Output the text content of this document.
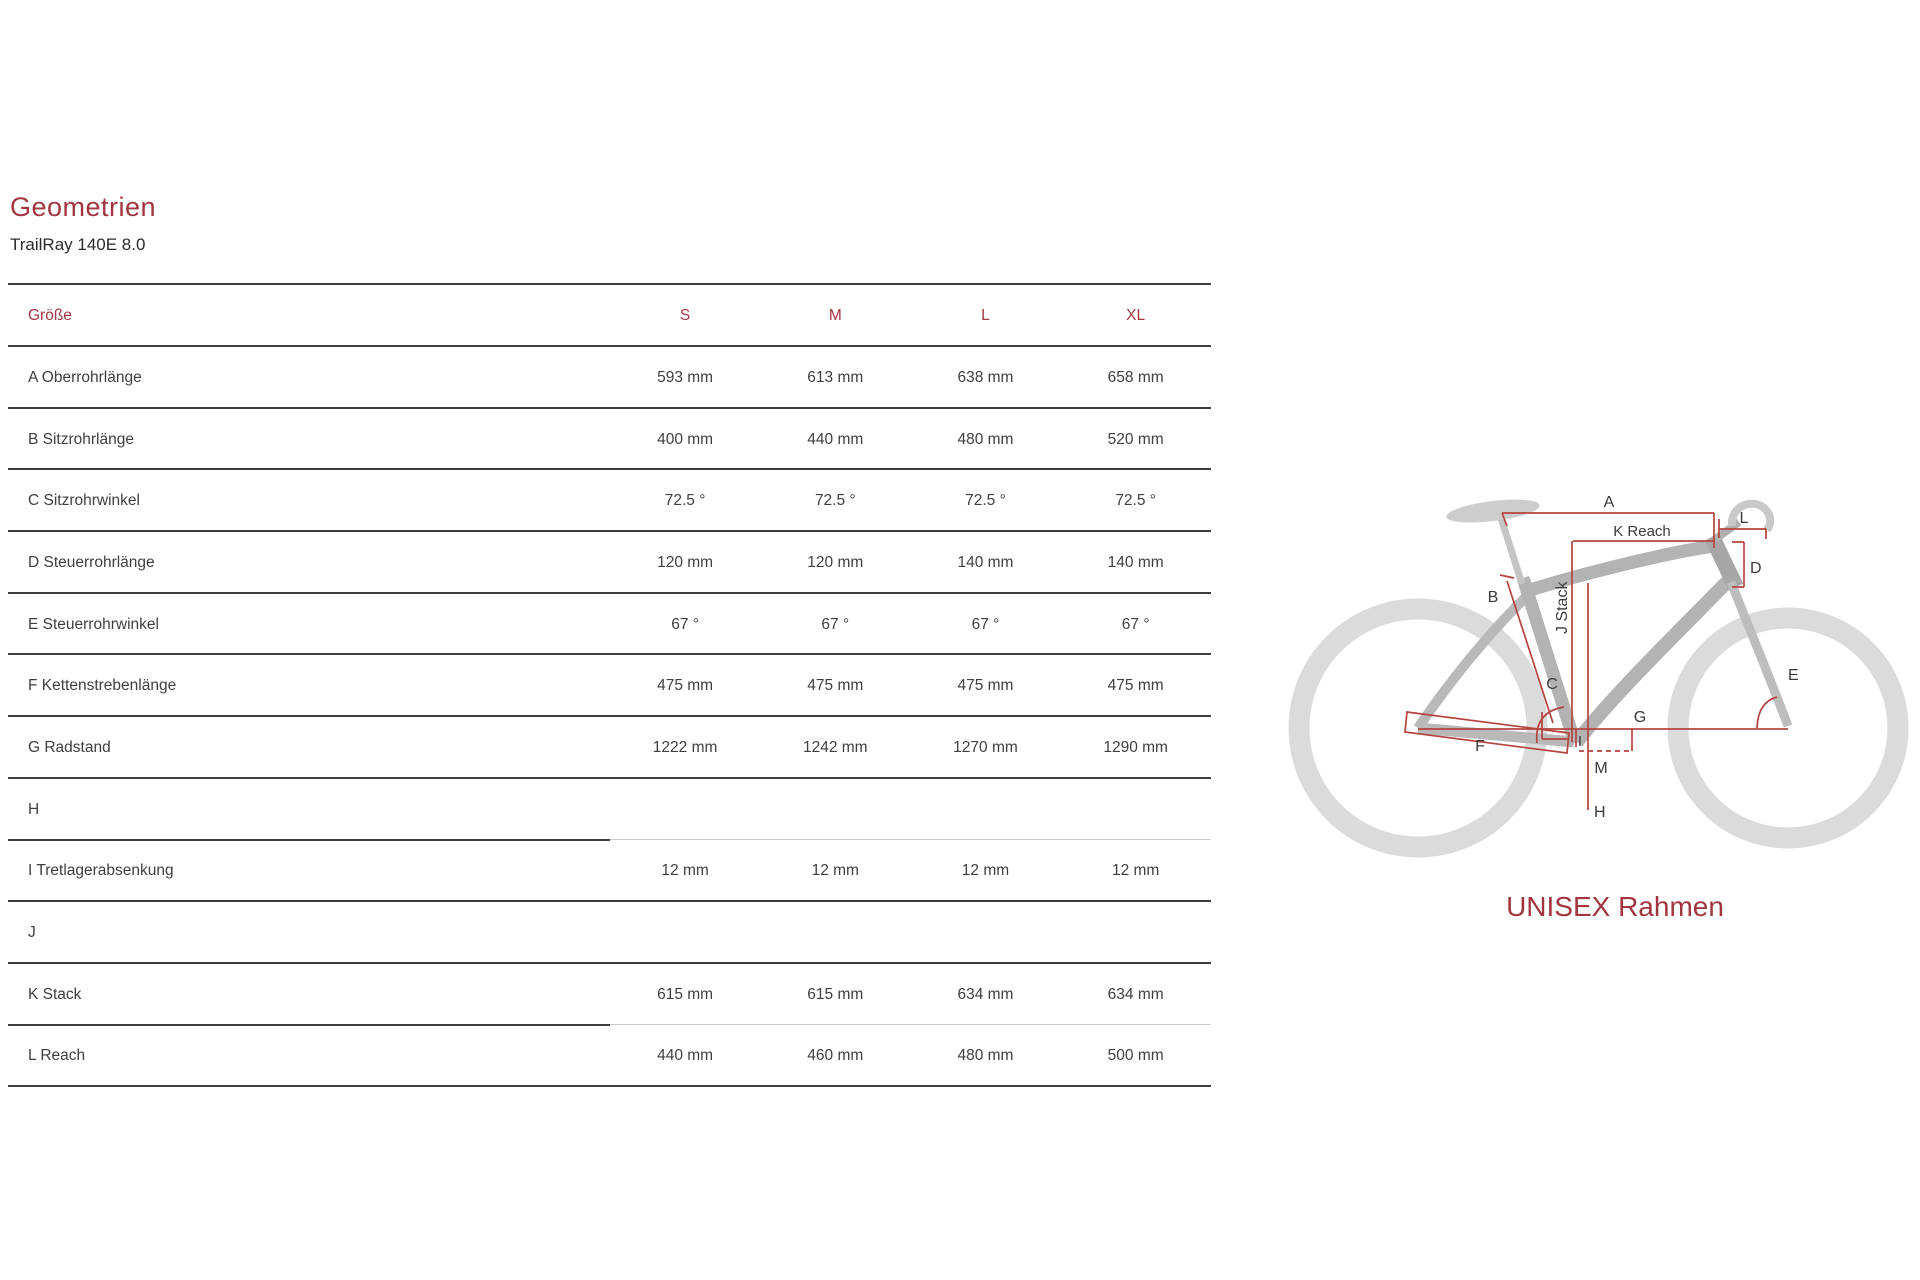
Geometrien
TrailRay 140E 8.0
Größe	S	M	L	XL
A Oberrohrlänge	593 mm	613 mm	638 mm	658 mm
B Sitzrohrlänge	400 mm	440 mm	480 mm	520 mm
C Sitzrohrwinkel	72.5 °	72.5 °	72.5 °	72.5 °
D Steuerrohrlänge	120 mm	120 mm	140 mm	140 mm
E Steuerrohrwinkel	67 °	67 °	67 °	67 °
F Kettenstrebenlänge	475 mm	475 mm	475 mm	475 mm
G Radstand	1222 mm	1242 mm	1270 mm	1290 mm
H
I Tretlagerabsenkung	12 mm	12 mm	12 mm	12 mm
J
K Stack	615 mm	615 mm	634 mm	634 mm
L Reach	440 mm	460 mm	480 mm	500 mm
A
K Reach
L
D
B	J Stack
C
E
G
I
F
M
H
UNISEX Rahmen
